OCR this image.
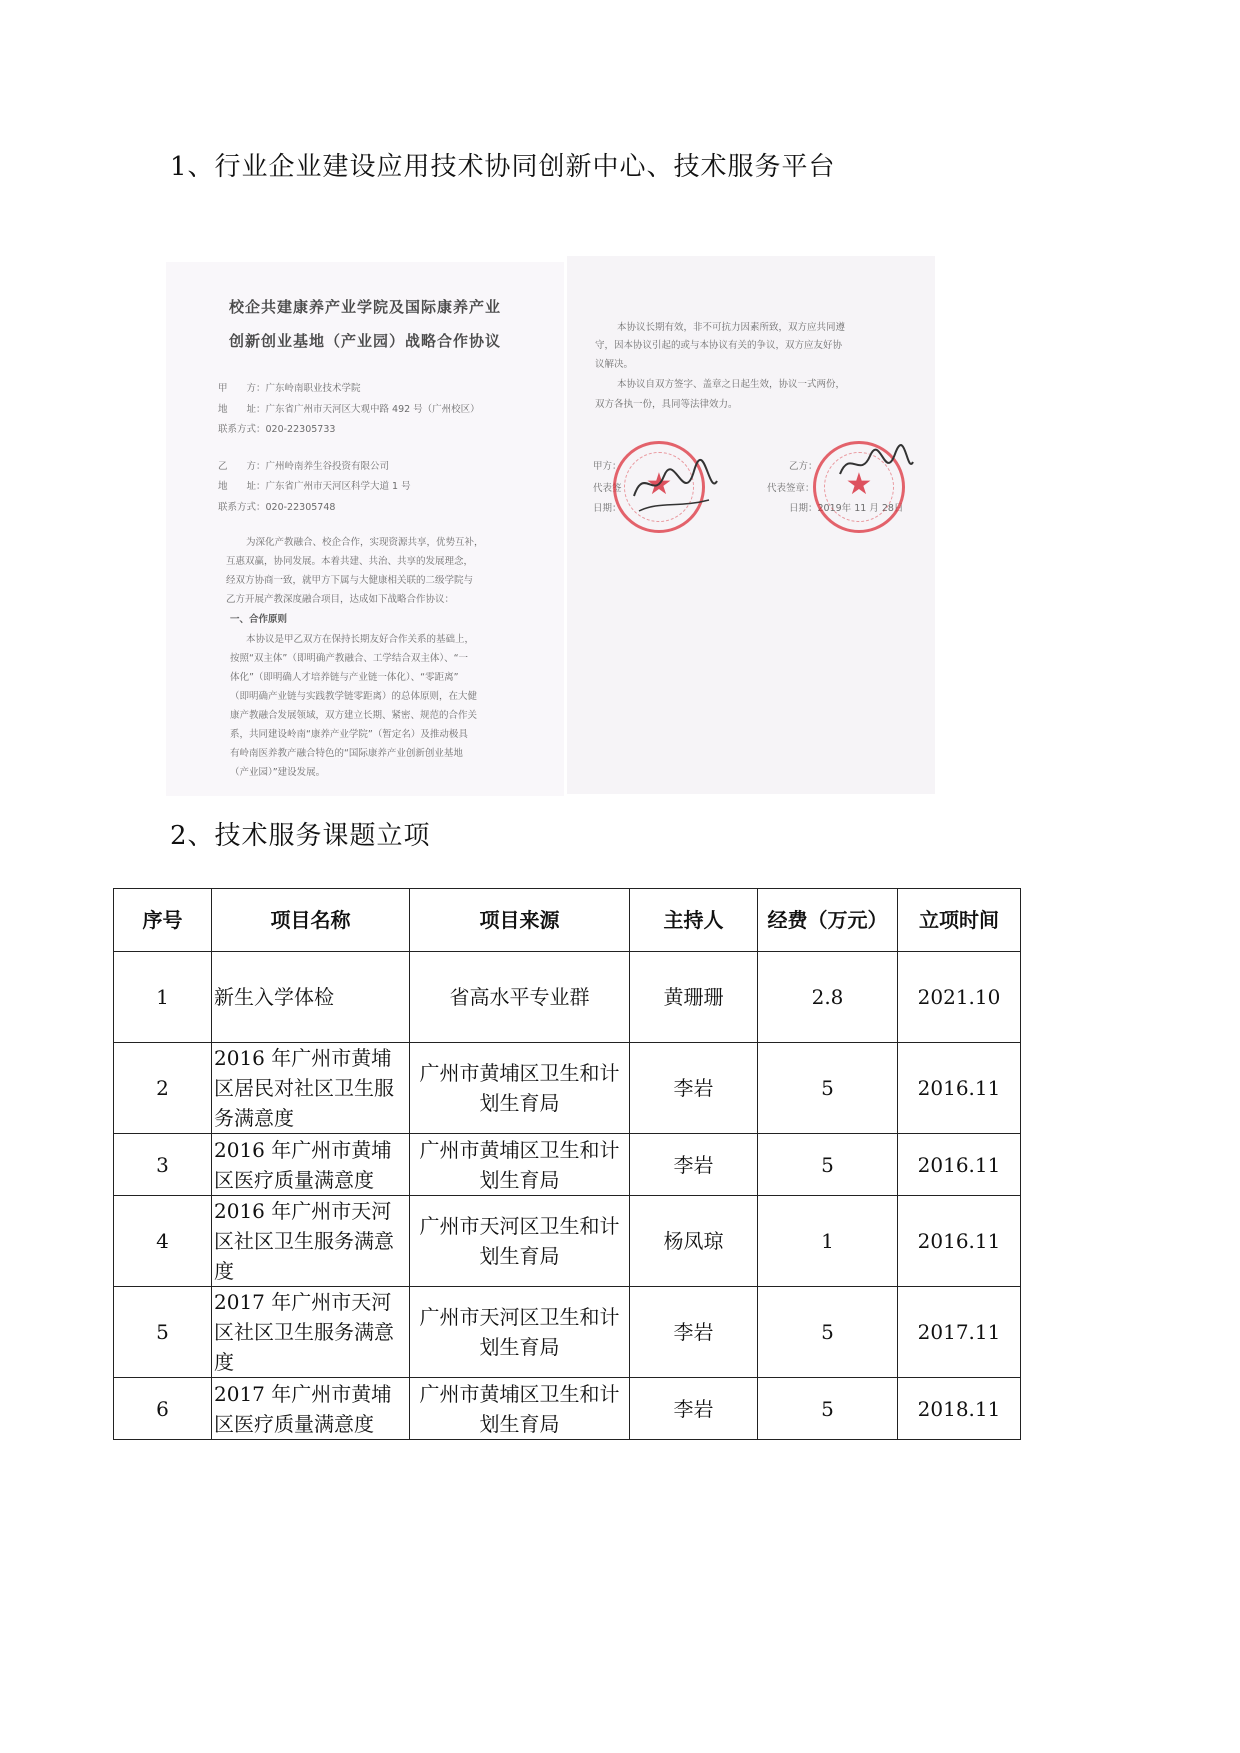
1、行业企业建设应用技术协同创新中心、技术服务平台
校企共建康养产业学院及国际康养产业
创新创业基地（产业园）战略合作协议
甲　　方：广东岭南职业技术学院
地　　址：广东省广州市天河区大观中路 492 号（广州校区）
联系方式：020-22305733
乙　　方：广州岭南养生谷投资有限公司
地　　址：广东省广州市天河区科学大道 1 号
联系方式：020-22305748
为深化产教融合、校企合作，实现资源共享，优势互补，
互惠双赢，协同发展。本着共建、共治、共享的发展理念，
经双方协商一致，就甲方下属与大健康相关联的二级学院与
乙方开展产教深度融合项目，达成如下战略合作协议：
一、合作原则
本协议是甲乙双方在保持长期友好合作关系的基础上，
按照“双主体”（即明确产教融合、工学结合双主体）、“一
体化”（即明确人才培养链与产业链一体化）、“零距离”
（即明确产业链与实践教学链零距离）的总体原则，在大健
康产教融合发展领域，双方建立长期、紧密、规范的合作关
系，共同建设岭南“康养产业学院”（暂定名）及推动极具
有岭南医养教产融合特色的“国际康养产业创新创业基地
（产业园）”建设发展。
本协议长期有效，非不可抗力因素所致，双方应共同遵
守，因本协议引起的或与本协议有关的争议，双方应友好协
议解决。
本协议自双方签字、盖章之日起生效，协议一式两份，
双方各执一份，具同等法律效力。
甲方：
代表签
日期：
乙方：
代表签章：
日期：2019年 11 月 28日
★	★
2、技术服务课题立项
序号	项目名称	项目来源	主持人	经费（万元）	立项时间
1	新生入学体检	省高水平专业群	黄珊珊	2.8	2021.10
2	2016 年广州市黄埔区居民对社区卫生服务满意度	广州市黄埔区卫生和计划生育局	李岩	5	2016.11
3	2016 年广州市黄埔区医疗质量满意度	广州市黄埔区卫生和计划生育局	李岩	5	2016.11
4	2016 年广州市天河区社区卫生服务满意度	广州市天河区卫生和计划生育局	杨凤琼	1	2016.11
5	2017 年广州市天河区社区卫生服务满意度	广州市天河区卫生和计划生育局	李岩	5	2017.11
6	2017 年广州市黄埔区医疗质量满意度	广州市黄埔区卫生和计划生育局	李岩	5	2018.11
